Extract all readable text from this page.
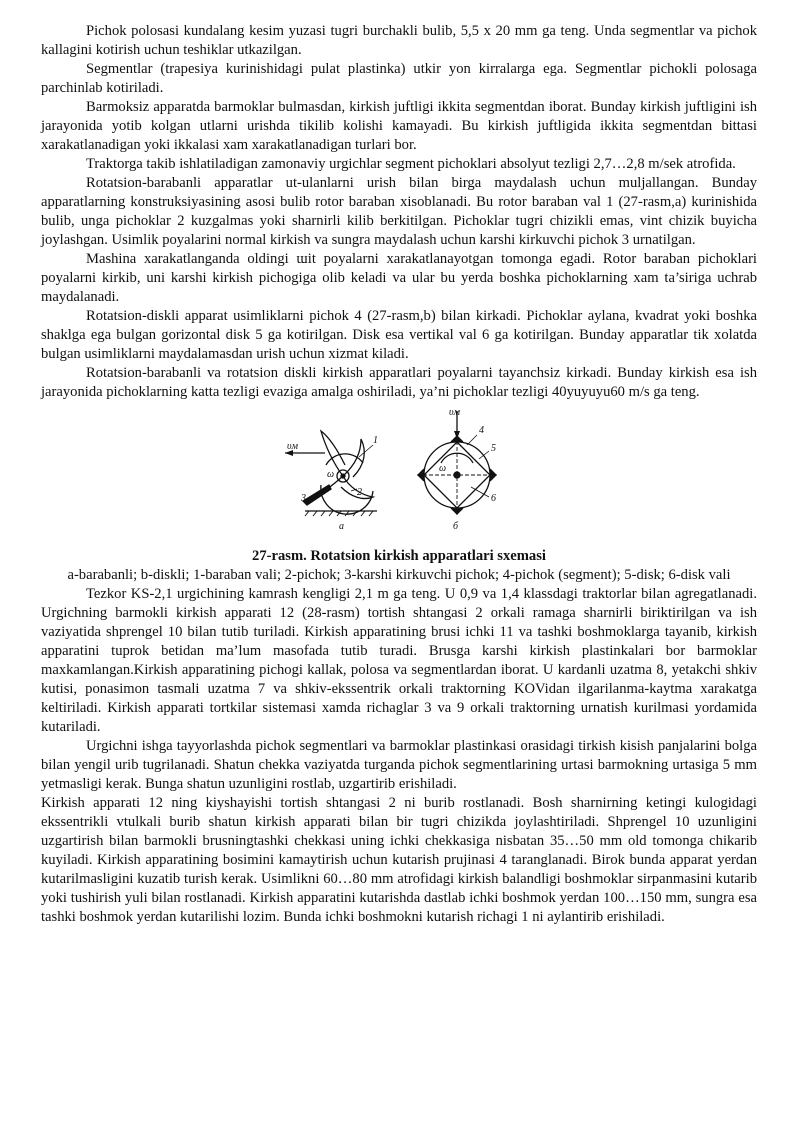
Pichok polosasi kundalang kesim yuzasi tugri burchakli bulib, 5,5 x 20 mm ga teng. Unda segmentlar va pichok kallagini kotirish uchun teshiklar utkazilgan.

Segmentlar (trapesiya kurinishidagi pulat plastinka) utkir yon kirralarga ega. Segmentlar pichokli polosaga parchinlab kotiriladi.

Barmoksiz apparatda barmoklar bulmasdan, kirkish juftligi ikkita segmentdan iborat. Bunday kirkish juftligini ish jarayonida yotib kolgan utlarni urishda tikilib kolishi kamayadi. Bu kirkish juftligida ikkita segmentdan bittasi xarakatlanadigan yoki ikkalasi xam xarakatlanadigan turlari bor.

Traktorga takib ishlatiladigan zamonaviy urgichlar segment pichoklari absolyut tezligi 2,7…2,8 m/sek atrofida.

Rotatsion-barabanli apparatlar ut-ulanlarni urish bilan birga maydalash uchun muljallangan. Bunday apparatlarning konstruksiyasining asosi bulib rotor baraban xisoblanadi. Bu rotor baraban val 1 (27-rasm,a) kurinishida bulib, unga pichoklar 2 kuzgalmas yoki sharnirli kilib berkitilgan. Pichoklar tugri chizikli emas, vint chizik buyicha joylashgan. Usimlik poyalarini normal kirkish va sungra maydalash uchun karshi kirkuvchi pichok 3 urnatilgan.

Mashina xarakatlanganda oldingi ɯit poyalarni xarakatlanayotgan tomonga egadi. Rotor baraban pichoklari poyalarni kirkib, uni karshi kirkish pichogiga olib keladi va ular bu yerda boshka pichoklarning xam ta’siriga uchrab maydalanadi.

Rotatsion-diskli apparat usimliklarni pichok 4 (27-rasm,b) bilan kirkadi. Pichoklar aylana, kvadrat yoki boshka shaklga ega bulgan gorizontal disk 5 ga kotirilgan. Disk esa vertikal val 6 ga kotirilgan. Bunday apparatlar tik xolatda bulgan usimliklarni maydalamasdan urish uchun xizmat kiladi.

Rotatsion-barabanli va rotatsion diskli kirkish apparatlari poyalarni tayanchsiz kirkadi. Bunday kirkish esa ish jarayonida pichoklarning katta tezligi evaziga amalga oshiriladi, ya’ni pichoklar tezligi 40yuyuyu60 m/s ga teng.

υм
ω
1
2
3
а
υм
ω
4
5
6
б

27-rasm. Rotatsion kirkish apparatlari sxemasi

a-barabanli; b-diskli; 1-baraban vali; 2-pichok; 3-karshi kirkuvchi pichok; 4-pichok (segment); 5-disk; 6-disk vali

Tezkor KS-2,1 urgichining kamrash kengligi 2,1 m ga teng. U 0,9 va 1,4 klassdagi traktorlar bilan agregatlanadi. Urgichning barmokli kirkish apparati 12 (28-rasm) tortish shtangasi 2 orkali ramaga sharnirli biriktirilgan va ish vaziyatida shprengel 10 bilan tutib turiladi. Kirkish apparatining brusi ichki 11 va tashki boshmoklarga tayanib, kirkish apparatini tuprok betidan ma’lum masofada tutib turadi. Brusga karshi kirkish plastinkalari bor barmoklar maxkamlangan.Kirkish apparatining pichogi kallak, polosa va segmentlardan iborat. U kardanli uzatma 8, yetakchi shkiv kutisi, ponasimon tasmali uzatma 7 va shkiv-ekssentrik orkali traktorning KOVidan ilgarilanma-kaytma xarakatga keltiriladi. Kirkish apparati tortkilar sistemasi xamda richaglar 3 va 9 orkali traktorning urnatish kurilmasi yordamida kutariladi.

Urgichni ishga tayyorlashda pichok segmentlari va barmoklar plastinkasi orasidagi tirkish kisish panjalarini bolga bilan yengil urib tugrilanadi. Shatun chekka vaziyatda turganda pichok segmentlarining urtasi barmokning urtasiga 5 mm yetmasligi kerak. Bunga shatun uzunligini rostlab, uzgartirib erishiladi.

Kirkish apparati 12 ning kiyshayishi tortish shtangasi 2 ni burib rostlanadi. Bosh sharnirning ketingi kulogidagi ekssentrikli vtulkali burib shatun kirkish apparati bilan bir tugri chizikda joylashtiriladi. Shprengel 10 uzunligini uzgartirish bilan barmokli brusningtashki chekkasi uning ichki chekkasiga nisbatan 35…50 mm old tomonga chikarib kuyiladi. Kirkish apparatining bosimini kamaytirish uchun kutarish prujinasi 4 taranglanadi. Birok bunda apparat yerdan kutarilmasligini kuzatib turish kerak. Usimlikni 60…80 mm atrofidagi kirkish balandligi boshmoklar sirpanmasini kutarib yoki tushirish yuli bilan rostlanadi. Kirkish apparatini kutarishda dastlab ichki boshmok yerdan 100…150 mm, sungra esa tashki boshmok yerdan kutarilishi lozim. Bunda ichki boshmokni kutarish richagi 1 ni aylantirib erishiladi.
